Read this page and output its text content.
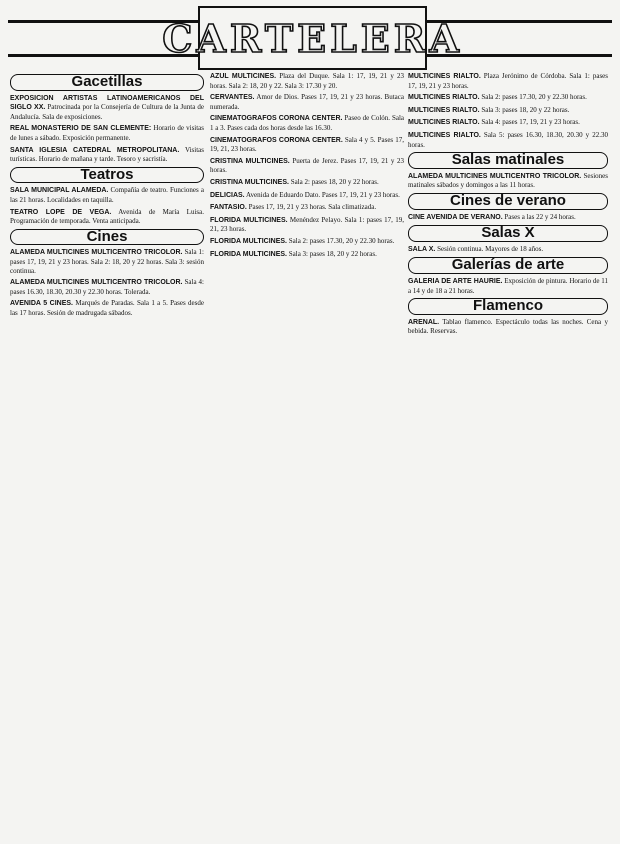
CARTELERA
Gacetillas
EXPOSICION ARTISTAS LATINOAMERICANOS DEL SIGLO XX. Patrocinada por la Consejería de Cultura de la Junta de Andalucía. Sala de exposiciones.
REAL MONASTERIO DE SAN CLEMENTE: Horario de visitas de lunes a sábado. Exposición permanente.
SANTA IGLESIA CATEDRAL METROPOLITANA. Visitas turísticas. Horario de mañana y tarde. Tesoro y sacristía.
Teatros
SALA MUNICIPAL ALAMEDA. Compañía de teatro. Funciones a las 21 horas. Localidades en taquilla.
TEATRO LOPE DE VEGA. Avenida de María Luisa. Programación de temporada. Venta anticipada.
Cines
ALAMEDA MULTICINES MULTICENTRO TRICOLOR. Sala 1: pases 17, 19, 21 y 23 horas. Sala 2: 18, 20 y 22 horas. Sala 3: sesión continua.
ALAMEDA MULTICINES MULTICENTRO TRICOLOR. Sala 4: pases 16.30, 18.30, 20.30 y 22.30 horas. Tolerada.
AVENIDA 5 CINES. Marqués de Paradas. Sala 1 a 5. Pases desde las 17 horas. Sesión de madrugada sábados.
AZUL MULTICINES. Plaza del Duque. Sala 1: 17, 19, 21 y 23 horas. Sala 2: 18, 20 y 22. Sala 3: 17.30 y 20.
CERVANTES. Amor de Dios. Pases 17, 19, 21 y 23 horas. Butaca numerada.
CINEMATOGRAFOS CORONA CENTER. Paseo de Colón. Sala 1 a 3. Pases cada dos horas desde las 16.30.
CINEMATOGRAFOS CORONA CENTER. Sala 4 y 5. Pases 17, 19, 21, 23 horas.
CRISTINA MULTICINES. Puerta de Jerez. Pases 17, 19, 21 y 23 horas.
CRISTINA MULTICINES. Sala 2: pases 18, 20 y 22 horas.
DELICIAS. Avenida de Eduardo Dato. Pases 17, 19, 21 y 23 horas.
FANTASIO. Pases 17, 19, 21 y 23 horas. Sala climatizada.
FLORIDA MULTICINES. Menéndez Pelayo. Sala 1: pases 17, 19, 21, 23 horas.
FLORIDA MULTICINES. Sala 2: pases 17.30, 20 y 22.30 horas.
FLORIDA MULTICINES. Sala 3: pases 18, 20 y 22 horas.
MULTICINES RIALTO. Plaza Jerónimo de Córdoba. Sala 1: pases 17, 19, 21 y 23 horas.
MULTICINES RIALTO. Sala 2: pases 17.30, 20 y 22.30 horas.
MULTICINES RIALTO. Sala 3: pases 18, 20 y 22 horas.
MULTICINES RIALTO. Sala 4: pases 17, 19, 21 y 23 horas.
MULTICINES RIALTO. Sala 5: pases 16.30, 18.30, 20.30 y 22.30 horas.
Salas matinales
ALAMEDA MULTICINES MULTICENTRO TRICOLOR. Sesiones matinales sábados y domingos a las 11 horas.
Cines de verano
CINE AVENIDA DE VERANO. Pases a las 22 y 24 horas.
Salas X
SALA X. Sesión continua. Mayores de 18 años.
Galerías de arte
GALERIA DE ARTE HAURIE. Exposición de pintura. Horario de 11 a 14 y de 18 a 21 horas.
Flamenco
ARENAL. Tablao flamenco. Espectáculo todas las noches. Cena y bebida. Reservas.
